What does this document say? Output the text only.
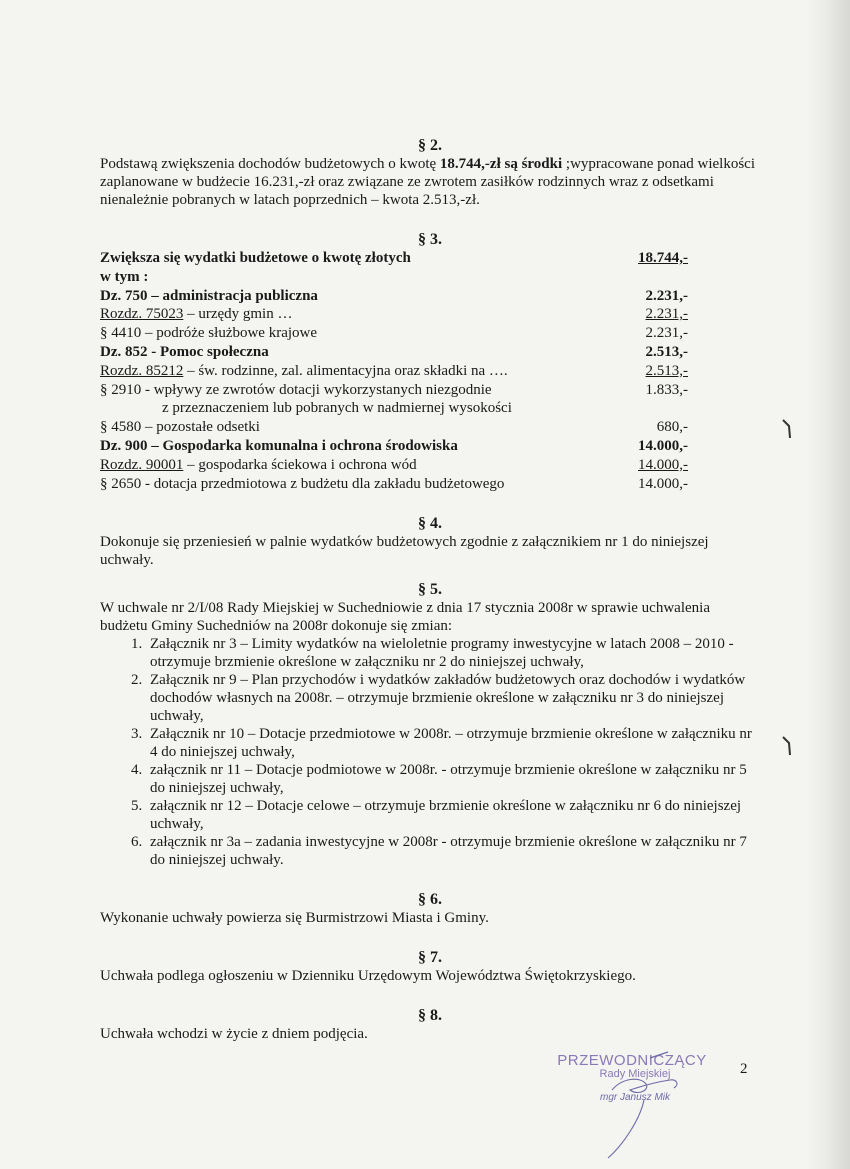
§ 2.

Podstawą zwiększenia dochodów budżetowych o kwotę 18.744,-zł są środki ;wypracowane ponad wielkości zaplanowane w budżecie 16.231,-zł oraz związane ze zwrotem zasiłków rodzinnych wraz z odsetkami nienależnie pobranych w latach poprzednich – kwota 2.513,-zł.

§ 3.
Zwiększa się wydatki budżetowe o kwotę złotych	18.744,-
w tym :
Dz. 750 – administracja publiczna	2.231,-
Rozdz. 75023 – urzędy gmin …	2.231,-
§ 4410 – podróże służbowe krajowe	2.231,-
Dz. 852 - Pomoc społeczna	2.513,-
Rozdz. 85212 – św. rodzinne, zal. alimentacyjna oraz składki na ….	2.513,-
§ 2910 - wpływy ze zwrotów dotacji wykorzystanych niezgodnie	1.833,-
z przeznaczeniem lub pobranych w nadmiernej wysokości
§ 4580 – pozostałe odsetki	680,-
Dz. 900 – Gospodarka komunalna i ochrona środowiska	14.000,-
Rozdz. 90001 – gospodarka ściekowa i ochrona wód	14.000,-
§ 2650 - dotacja przedmiotowa z budżetu dla zakładu budżetowego	14.000,-
§ 4.

Dokonuje się przeniesień w palnie wydatków budżetowych zgodnie z załącznikiem nr 1 do niniejszej uchwały.

§ 5.

W uchwale nr 2/I/08 Rady Miejskiej w Suchedniowie z dnia 17 stycznia 2008r w sprawie uchwalenia budżetu Gminy Suchedniów na 2008r dokonuje się zmian:

1. Załącznik nr 3 – Limity wydatków na wieloletnie programy inwestycyjne w latach 2008 – 2010 - otrzymuje brzmienie określone w załączniku nr 2 do niniejszej uchwały,
2. Załącznik nr 9 – Plan przychodów i wydatków zakładów budżetowych oraz dochodów i wydatków dochodów własnych na 2008r. – otrzymuje brzmienie określone w załączniku nr 3 do niniejszej uchwały,
3. Załącznik nr 10 – Dotacje przedmiotowe w 2008r. – otrzymuje brzmienie określone w załączniku nr 4 do niniejszej uchwały,
4. załącznik nr 11 – Dotacje podmiotowe w 2008r. - otrzymuje brzmienie określone w załączniku nr 5 do niniejszej uchwały,
5. załącznik nr 12 – Dotacje celowe – otrzymuje brzmienie określone w załączniku nr 6 do niniejszej uchwały,
6. załącznik nr 3a – zadania inwestycyjne w 2008r - otrzymuje brzmienie określone w załączniku nr 7 do niniejszej uchwały.
§ 6.

Wykonanie uchwały powierza się Burmistrzowi Miasta i Gminy.

§ 7.

Uchwała podlega ogłoszeniu w Dzienniku Urzędowym Województwa Świętokrzyskiego.

§ 8.

Uchwała wchodzi w życie z dniem podjęcia.

PRZEWODNICZĄCY
Rady Miejskiej
mgr Janusz Mik
2
